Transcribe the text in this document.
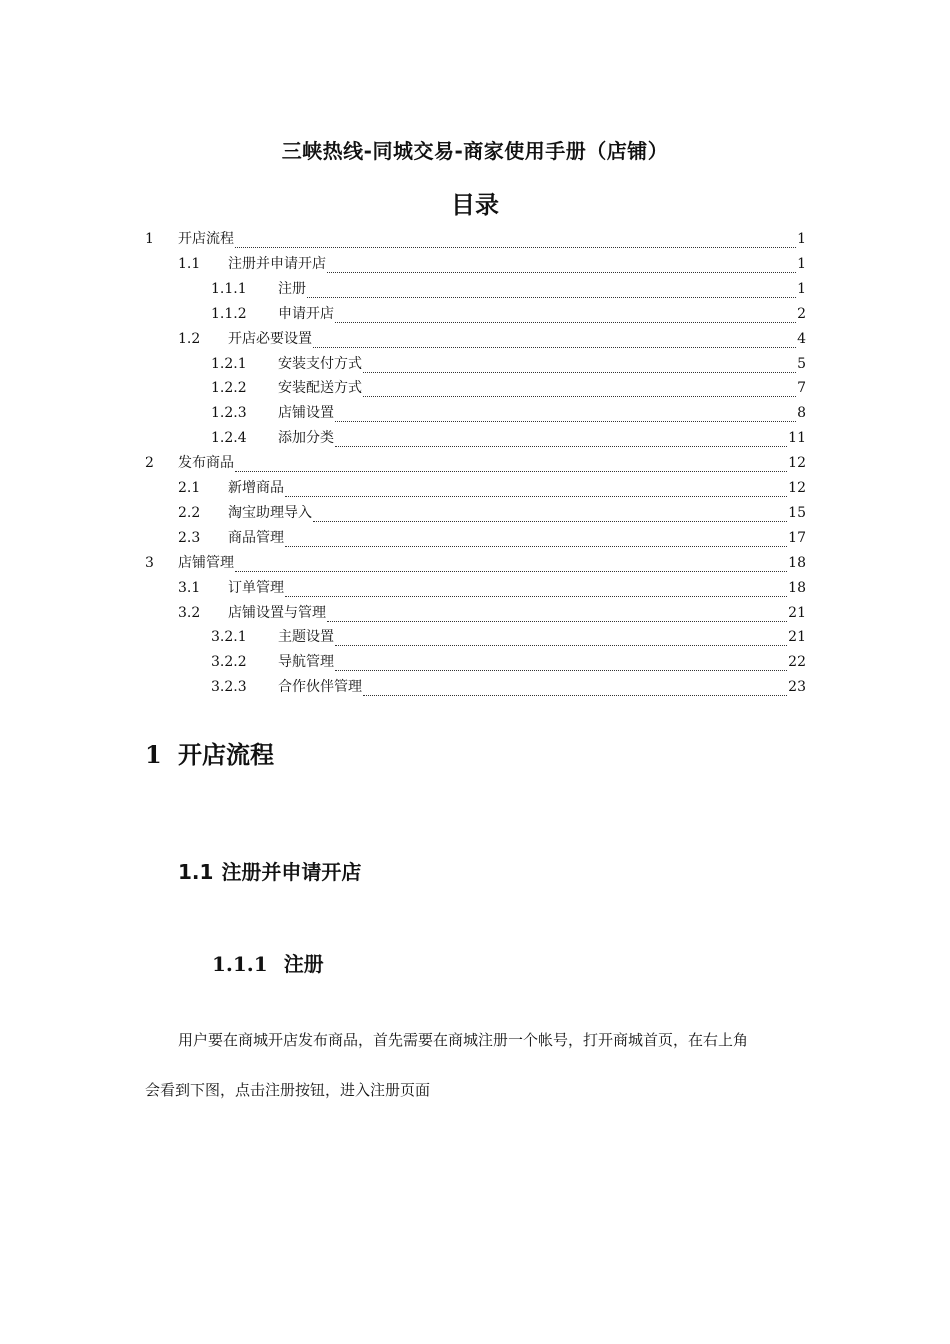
三峡热线-同城交易-商家使用手册（店铺）
目录
1	开店流程	1
1.1	注册并申请开店	1
1.1.1	注册	1
1.1.2	申请开店	2
1.2	开店必要设置	4
1.2.1	安装支付方式	5
1.2.2	安装配送方式	7
1.2.3	店铺设置	8
1.2.4	添加分类	11
2	发布商品	12
2.1	新增商品	12
2.2	淘宝助理导入	15
2.3	商品管理	17
3	店铺管理	18
3.1	订单管理	18
3.2	店铺设置与管理	21
3.2.1	主题设置	21
3.2.2	导航管理	22
3.2.3	合作伙伴管理	23
1 开店流程
1.1 注册并申请开店
1.1.1 注册
用户要在商城开店发布商品，首先需要在商城注册一个帐号，打开商城首页，在右上角
会看到下图，点击注册按钮，进入注册页面
